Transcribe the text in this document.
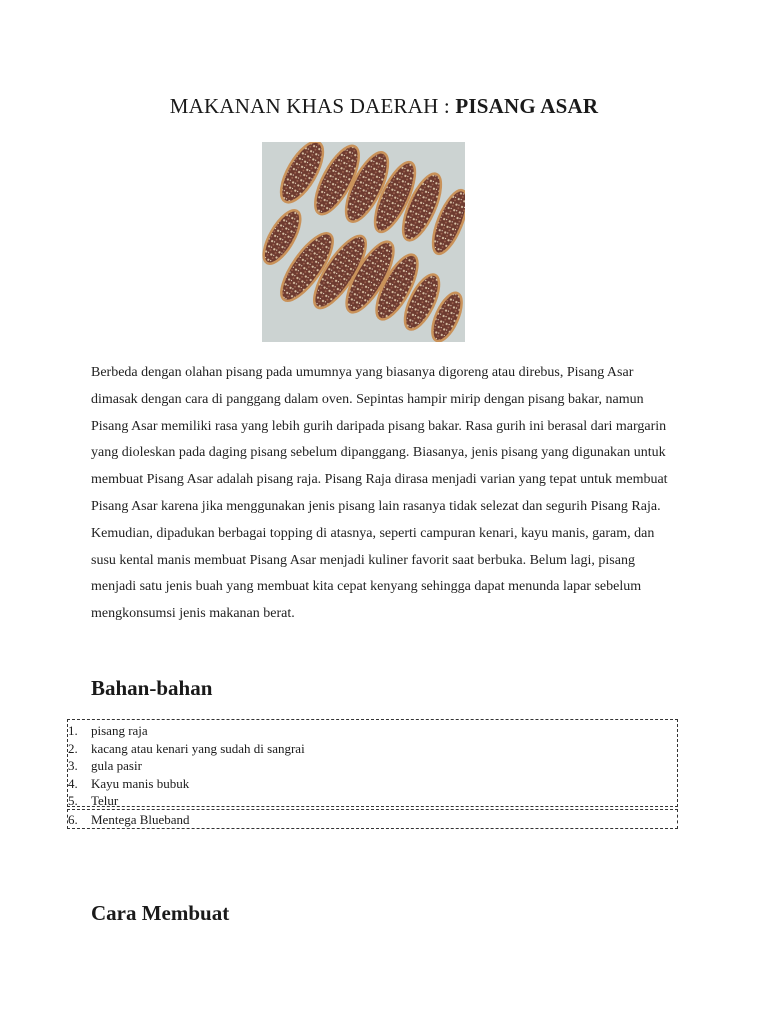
MAKANAN KHAS DAERAH : PISANG ASAR

Berbeda dengan olahan pisang pada umumnya yang biasanya digoreng atau direbus, Pisang Asar dimasak dengan cara di panggang dalam oven. Sepintas hampir mirip dengan pisang bakar, namun Pisang Asar memiliki rasa yang lebih gurih daripada pisang bakar. Rasa gurih ini berasal dari margarin yang dioleskan pada daging pisang sebelum dipanggang. Biasanya, jenis pisang yang digunakan untuk membuat Pisang Asar adalah pisang raja. Pisang Raja dirasa menjadi varian yang tepat untuk membuat Pisang Asar karena jika menggunakan jenis pisang lain rasanya tidak selezat dan segurih Pisang Raja. Kemudian, dipadukan berbagai topping di atasnya, seperti campuran kenari, kayu manis, garam, dan susu kental manis membuat Pisang Asar menjadi kuliner favorit saat berbuka. Belum lagi, pisang menjadi satu jenis buah yang membuat kita cepat kenyang sehingga dapat menunda lapar sebelum mengkonsumsi jenis makanan berat.

Bahan-bahan
1.	pisang raja
2.	kacang atau kenari yang sudah di sangrai
3.	gula pasir
4.	Kayu manis bubuk
5.	Telur
6.	Mentega Blueband
Cara Membuat
